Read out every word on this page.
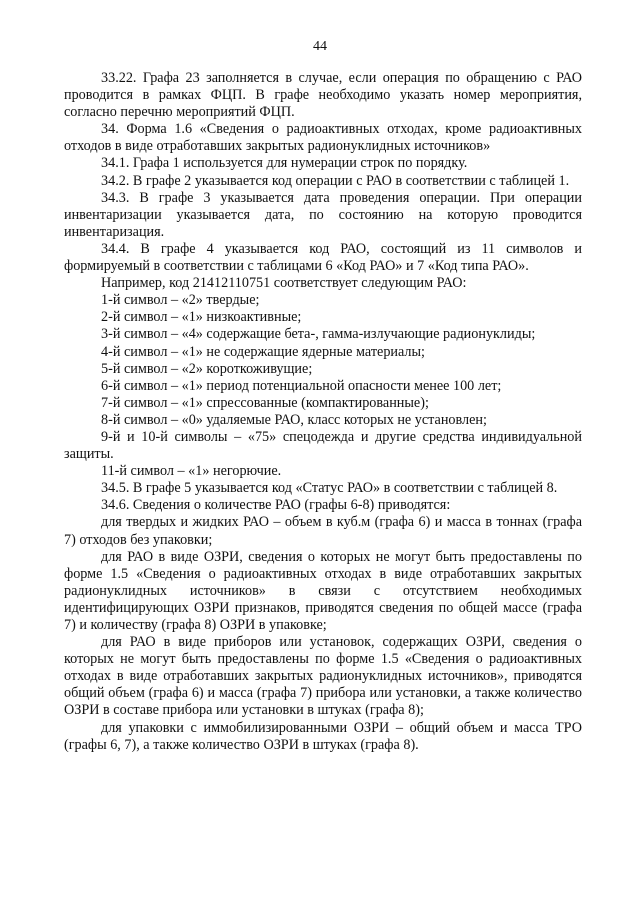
44

33.22. Графа 23 заполняется в случае, если операция по обращению с РАО проводится в рамках ФЦП. В графе необходимо указать номер мероприятия, согласно перечню мероприятий ФЦП.

34. Форма 1.6 «Сведения о радиоактивных отходах, кроме радиоактивных отходов в виде отработавших закрытых радионуклидных источников»

34.1. Графа 1 используется для нумерации строк по порядку.

34.2. В графе 2 указывается код операции с РАО в соответствии с таблицей 1.

34.3. В графе 3 указывается дата проведения операции. При операции инвентаризации указывается дата, по состоянию на которую проводится инвентаризация.

34.4. В графе 4 указывается код РАО, состоящий из 11 символов и формируемый в соответствии с таблицами 6 «Код РАО» и 7 «Код типа РАО».

Например, код 21412110751 соответствует следующим РАО:

1-й символ – «2» твердые;

2-й символ – «1» низкоактивные;

3-й символ – «4» содержащие бета-, гамма-излучающие радионуклиды;

4-й символ – «1» не содержащие ядерные материалы;

5-й символ – «2» короткоживущие;

6-й символ – «1» период потенциальной опасности менее 100 лет;

7-й символ – «1» спрессованные (компактированные);

8-й символ – «0» удаляемые РАО, класс которых не установлен;

9-й и 10-й символы – «75» спецодежда и другие средства индивидуальной защиты.

11-й символ – «1» негорючие.

34.5. В графе 5 указывается код «Статус РАО» в соответствии с таблицей 8.

34.6. Сведения о количестве РАО (графы 6-8) приводятся:

для твердых и жидких РАО – объем в куб.м (графа 6) и масса в тоннах (графа 7) отходов без упаковки;

для РАО в виде ОЗРИ, сведения о которых не могут быть предоставлены по форме 1.5 «Сведения о радиоактивных отходах в виде отработавших закрытых радионуклидных источников» в связи с отсутствием необходимых идентифицирующих ОЗРИ признаков, приводятся сведения по общей массе (графа 7) и количеству (графа 8) ОЗРИ в упаковке;

для РАО в виде приборов или установок, содержащих ОЗРИ, сведения о которых не могут быть предоставлены по форме 1.5 «Сведения о радиоактивных отходах в виде отработавших закрытых радионуклидных источников», приводятся общий объем (графа 6) и масса (графа 7) прибора или установки, а также количество ОЗРИ в составе прибора или установки в штуках (графа 8);

для упаковки с иммобилизированными ОЗРИ – общий объем и масса ТРО (графы 6, 7), а также количество ОЗРИ в штуках (графа 8).
